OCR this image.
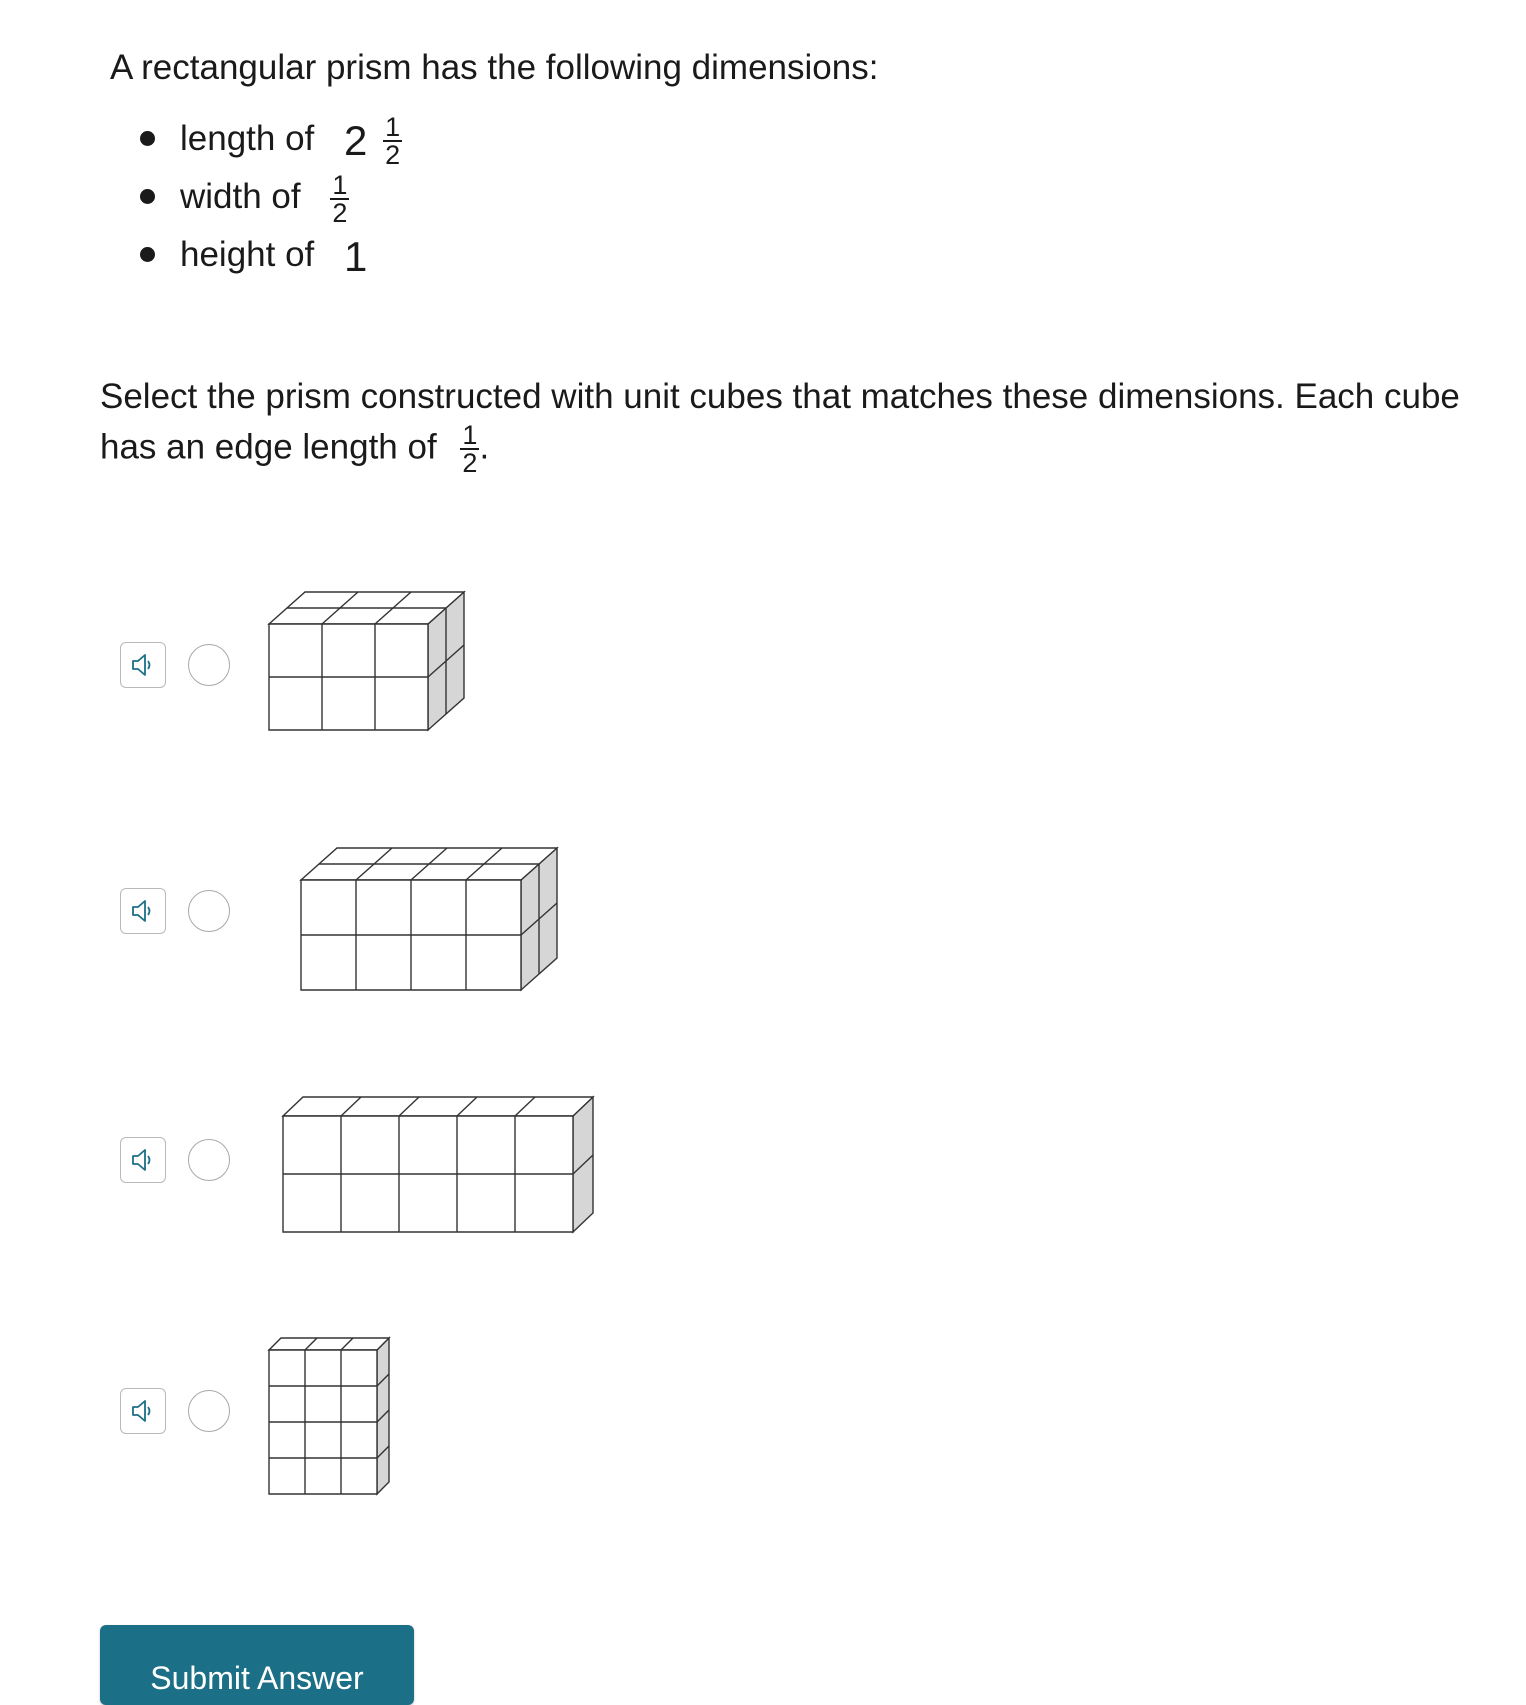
A rectangular prism has the following dimensions:

length of $2 \frac{1}{2}$
width of $\frac{1}{2}$
height of 1

Select the prism constructed with unit cubes that matches these dimensions. Each cube has an edge length of $\frac{1}{2}$ .

Submit Answer
